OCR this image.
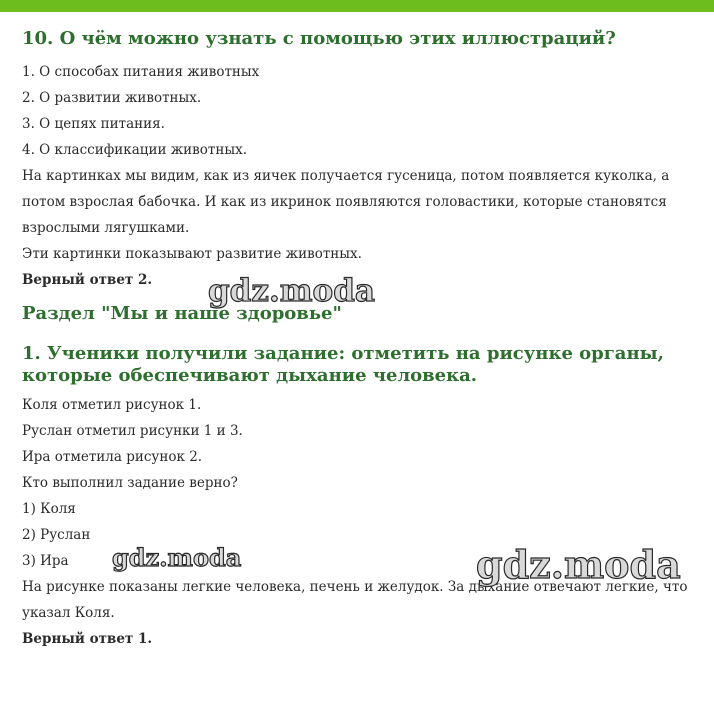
10. О чём можно узнать с помощью этих иллюстраций?

1. О способах питания животных

2. О развитии животных.

3. О цепях питания.

4. О классификации животных.

На картинках мы видим, как из яичек получается гусеница, потом появляется куколка, а потом взрослая бабочка. И как из икринок появляются головастики, которые становятся взрослыми лягушками.

Эти картинки показывают развитие животных.

Верный ответ 2.

Раздел "Мы и наше здоровье"
1. Ученики получили задание: отметить на рисунке органы, которые обеспечивают дыхание человека.

Коля отметил рисунок 1.

Руслан отметил рисунки 1 и 3.

Ира отметила рисунок 2.

Кто выполнил задание верно?

1) Коля

2) Руслан

3) Ира

На рисунке показаны легкие человека, печень и желудок. За дыхание отвечают легкие, что указал Коля.

Верный ответ 1.

gdz.moda
gdz.moda	gdz.moda
